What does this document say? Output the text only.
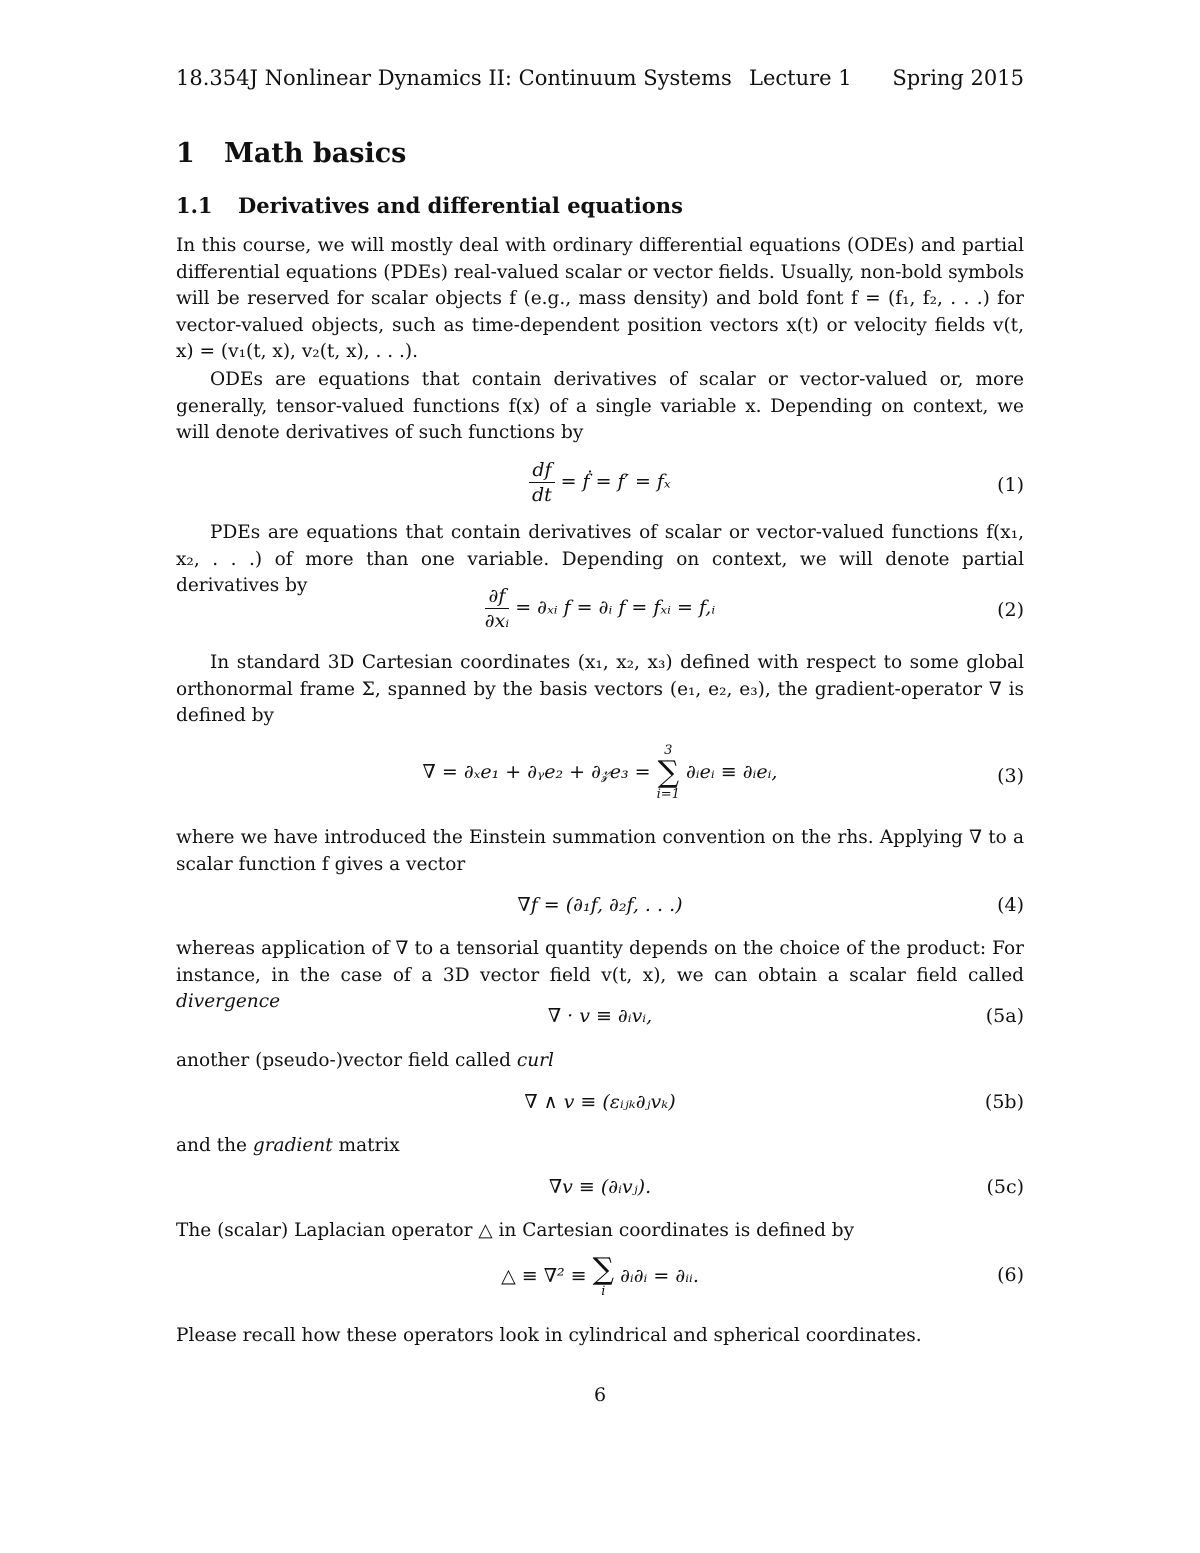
18.354J Nonlinear Dynamics II: Continuum Systems Lecture 1 Spring 2015
1 Math basics
1.1 Derivatives and differential equations
In this course, we will mostly deal with ordinary differential equations (ODEs) and partial differential equations (PDEs) real-valued scalar or vector fields. Usually, non-bold symbols will be reserved for scalar objects f (e.g., mass density) and bold font f = (f₁, f₂, . . .) for vector-valued objects, such as time-dependent position vectors x(t) or velocity fields v(t, x) = (v₁(t, x), v₂(t, x), . . .).
ODEs are equations that contain derivatives of scalar or vector-valued or, more generally, tensor-valued functions f(x) of a single variable x. Depending on context, we will denote derivatives of such functions by
$\frac{df}{dt}$ = ḟ = f′ = fₓ	(1)
PDEs are equations that contain derivatives of scalar or vector-valued functions f(x₁, x₂, . . .) of more than one variable. Depending on context, we will denote partial derivatives by	$\frac{\partial f}{\text{∂xᵢ}}$ = ∂ₓᵢ f = ∂ᵢ f = fₓᵢ = f,ᵢ	(2)
In standard 3D Cartesian coordinates (x₁, x₂, x₃) defined with respect to some global orthonormal frame Σ, spanned by the basis vectors (e₁, e₂, e₃), the gradient-operator ∇ is defined by
∇ = ∂ₓe₁ + ∂ᵧe₂ + ∂𝓏e₃ =
3
∑
i=1
∂ᵢeᵢ ≡ ∂ᵢeᵢ,	(3)
where we have introduced the Einstein summation convention on the rhs. Applying ∇ to a scalar function f gives a vector
∇f = (∂₁f, ∂₂f, . . .)	(4)
whereas application of ∇ to a tensorial quantity depends on the choice of the product: For instance, in the case of a 3D vector field v(t, x), we can obtain a scalar field called divergence
∇ · v ≡ ∂ᵢvᵢ,	(5a)
another (pseudo-)vector field called curl
∇ ∧ v ≡ (εᵢⱼₖ∂ⱼvₖ)	(5b)
and the gradient matrix
∇v ≡ (∂ᵢvⱼ).	(5c)
The (scalar) Laplacian operator △ in Cartesian coordinates is defined by
△ ≡ ∇² ≡ ∑
i
∂ᵢ∂ᵢ = ∂ᵢᵢ.	(6)
Please recall how these operators look in cylindrical and spherical coordinates.
6
